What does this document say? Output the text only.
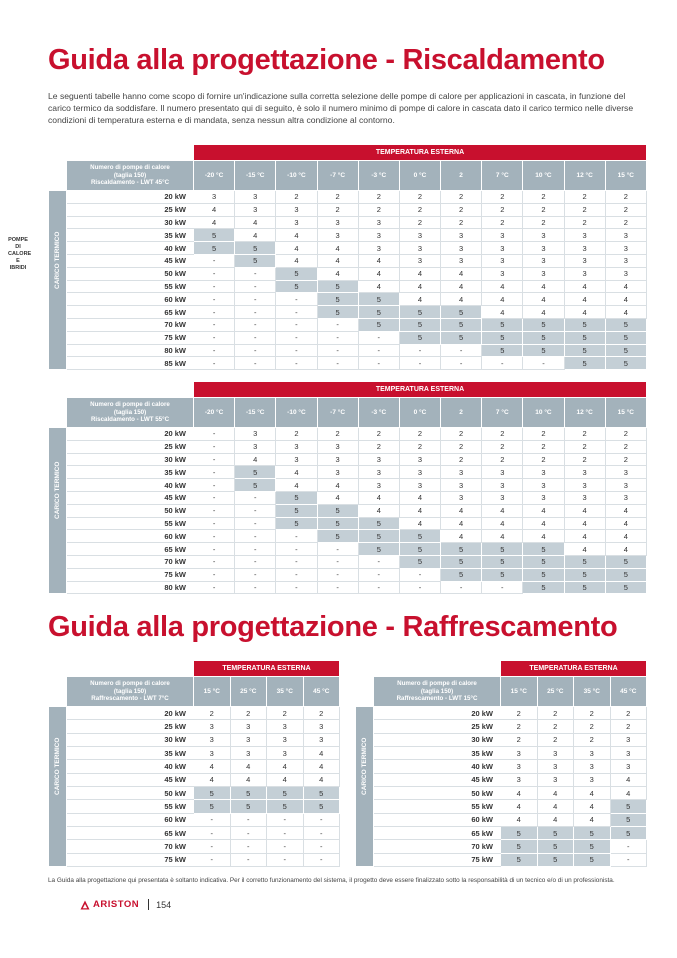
POMPE DI CALORE
E IBRIDI
Guida alla progettazione - Riscaldamento

Le seguenti tabelle hanno come scopo di fornire un'indicazione sulla corretta selezione delle pompe di calore per applicazioni in cascata, in funzione del carico termico da soddisfare. Il numero presentato qui di seguito, è solo il numero minimo di pompe di calore in cascata dato il carico termico nelle diverse condizioni di temperatura esterna e di mandata, senza nessun altra condizione al contorno.

		TEMPERATURA ESTERNA										

	Numero di pompe di calore
(taglia 150)
Riscaldamento - LWT 45°C	-20 °C	-15 °C	-10 °C	-7 °C	-3 °C	0 °C	2	7 °C	10 °C	12 °C	15 °C

CARICO TERMICO	20 kW	3	3	2	2	2	2	2	2	2	2	2
	25 kW	4	3	3	2	2	2	2	2	2	2	2
	30 kW	4	4	3	3	3	2	2	2	2	2	2
	35 kW	5	4	4	3	3	3	3	3	3	3	3
	40 kW	5	5	4	4	3	3	3	3	3	3	3
	45 kW	-	5	4	4	4	3	3	3	3	3	3
	50 kW	-	-	5	4	4	4	4	3	3	3	3
	55 kW	-	-	5	5	4	4	4	4	4	4	4
	60 kW	-	-	-	5	5	4	4	4	4	4	4
	65 kW	-	-	-	5	5	5	5	4	4	4	4
	70 kW	-	-	-	-	5	5	5	5	5	5	5
	75 kW	-	-	-	-	-	5	5	5	5	5	5
	80 kW	-	-	-	-	-	-	-	5	5	5	5
	85 kW	-	-	-	-	-	-	-	-	-	5	5
		TEMPERATURA ESTERNA										

	Numero di pompe di calore
(taglia 150)
Riscaldamento - LWT 55°C	-20 °C	-15 °C	-10 °C	-7 °C	-3 °C	0 °C	2	7 °C	10 °C	12 °C	15 °C

CARICO TERMICO	20 kW	-	3	2	2	2	2	2	2	2	2	2
	25 kW	-	3	3	3	2	2	2	2	2	2	2
	30 kW	-	4	3	3	3	3	2	2	2	2	2
	35 kW	-	5	4	3	3	3	3	3	3	3	3
	40 kW	-	5	4	4	3	3	3	3	3	3	3
	45 kW	-	-	5	4	4	4	3	3	3	3	3
	50 kW	-	-	5	5	4	4	4	4	4	4	4
	55 kW	-	-	5	5	5	4	4	4	4	4	4
	60 kW	-	-	-	5	5	5	4	4	4	4	4
	65 kW	-	-	-	-	5	5	5	5	5	4	4
	70 kW	-	-	-	-	-	5	5	5	5	5	5
	75 kW	-	-	-	-	-	-	5	5	5	5	5
	80 kW	-	-	-	-	-	-	-	-	5	5	5
Guida alla progettazione - Raffrescamento
		TEMPERATURA ESTERNA			

	Numero di pompe di calore
(taglia 150)
Raffrescamento - LWT 7°C	15 °C	25 °C	35 °C	45 °C

CARICO TERMICO	20 kW	2	2	2	2
	25 kW	3	3	3	3
	30 kW	3	3	3	3
	35 kW	3	3	3	4
	40 kW	4	4	4	4
	45 kW	4	4	4	4
	50 kW	5	5	5	5
	55 kW	5	5	5	5
	60 kW	-	-	-	-
	65 kW	-	-	-	-
	70 kW	-	-	-	-
	75 kW	-	-	-	-
		TEMPERATURA ESTERNA			

	Numero di pompe di calore
(taglia 150)
Raffrescamento - LWT 15°C	15 °C	25 °C	35 °C	45 °C

CARICO TERMICO	20 kW	2	2	2	2
	25 kW	2	2	2	2
	30 kW	2	2	2	3
	35 kW	3	3	3	3
	40 kW	3	3	3	3
	45 kW	3	3	3	4
	50 kW	4	4	4	4
	55 kW	4	4	4	5
	60 kW	4	4	4	5
	65 kW	5	5	5	5
	70 kW	5	5	5	-
	75 kW	5	5	5	-

La Guida alla progettazione qui presentata è soltanto indicativa. Per il corretto funzionamento del sistema, il progetto deve essere finalizzato sotto la responsabilità di un tecnico e/o di un professionista.

ARISTON 154
